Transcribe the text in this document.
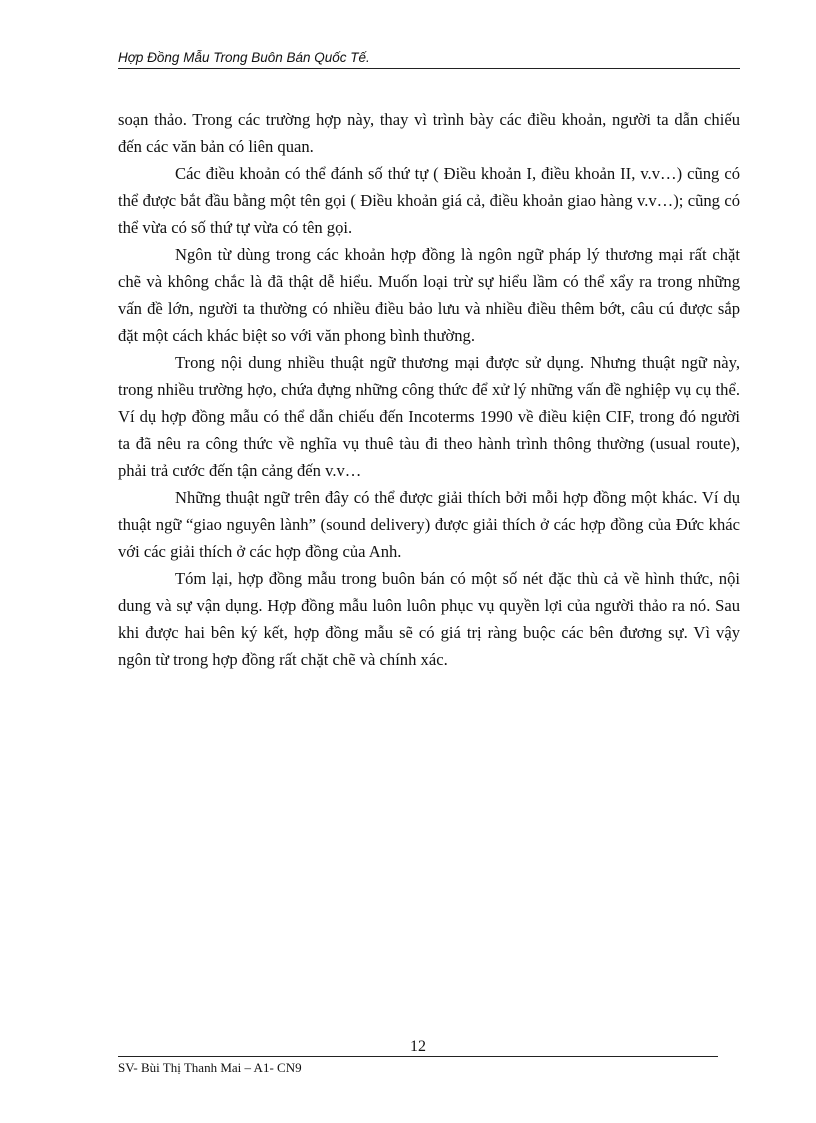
Hợp Đồng Mẫu Trong Buôn Bán Quốc Tế.

soạn thảo. Trong các trường hợp này, thay vì trình bày các điều khoản, người ta dẫn chiếu đến các văn bản có liên quan.

Các điều khoản có thể đánh số thứ tự ( Điều khoản I, điều khoản II, v.v…) cũng có thể được bắt đầu bằng một tên gọi ( Điều khoản giá cả, điều khoản giao hàng v.v…); cũng có thể vừa có số thứ tự vừa có tên gọi.

Ngôn từ dùng trong các khoản hợp đồng là ngôn ngữ pháp lý thương mại rất chặt chẽ và không chắc là đã thật dễ hiểu. Muốn loại trừ sự hiểu lầm có thể xẩy ra trong những vấn đề lớn, người ta thường có nhiều điều bảo lưu và nhiều điều thêm bớt, câu cú được sắp đặt một cách khác biệt so với văn phong bình thường.

Trong nội dung nhiều thuật ngữ thương mại được sử dụng. Nhưng thuật ngữ này, trong nhiều trường hợo, chứa đựng những công thức để xử lý những vấn đề nghiệp vụ cụ thể. Ví dụ hợp đồng mẫu có thể dẫn chiếu đến Incoterms 1990 về điều kiện CIF, trong đó người ta đã nêu ra công thức về nghĩa vụ thuê tàu đi theo hành trình thông thường (usual route), phải trả cước đến tận cảng đến v.v…

Những thuật ngữ trên đây có thể được giải thích bởi mỗi hợp đồng một khác. Ví dụ thuật ngữ “giao nguyên lành” (sound delivery) được giải thích ở các hợp đồng của Đức khác với các giải thích ở các hợp đồng của Anh.

Tóm lại, hợp đồng mẫu trong buôn bán có một số nét đặc thù cả về hình thức, nội dung và sự vận dụng. Hợp đồng mẫu luôn luôn phục vụ quyền lợi của người thảo ra nó. Sau khi được hai bên ký kết, hợp đồng mẫu sẽ có giá trị ràng buộc các bên đương sự. Vì vậy ngôn từ trong hợp đồng rất chặt chẽ và chính xác.

12
SV- Bùi Thị Thanh Mai – A1- CN9
